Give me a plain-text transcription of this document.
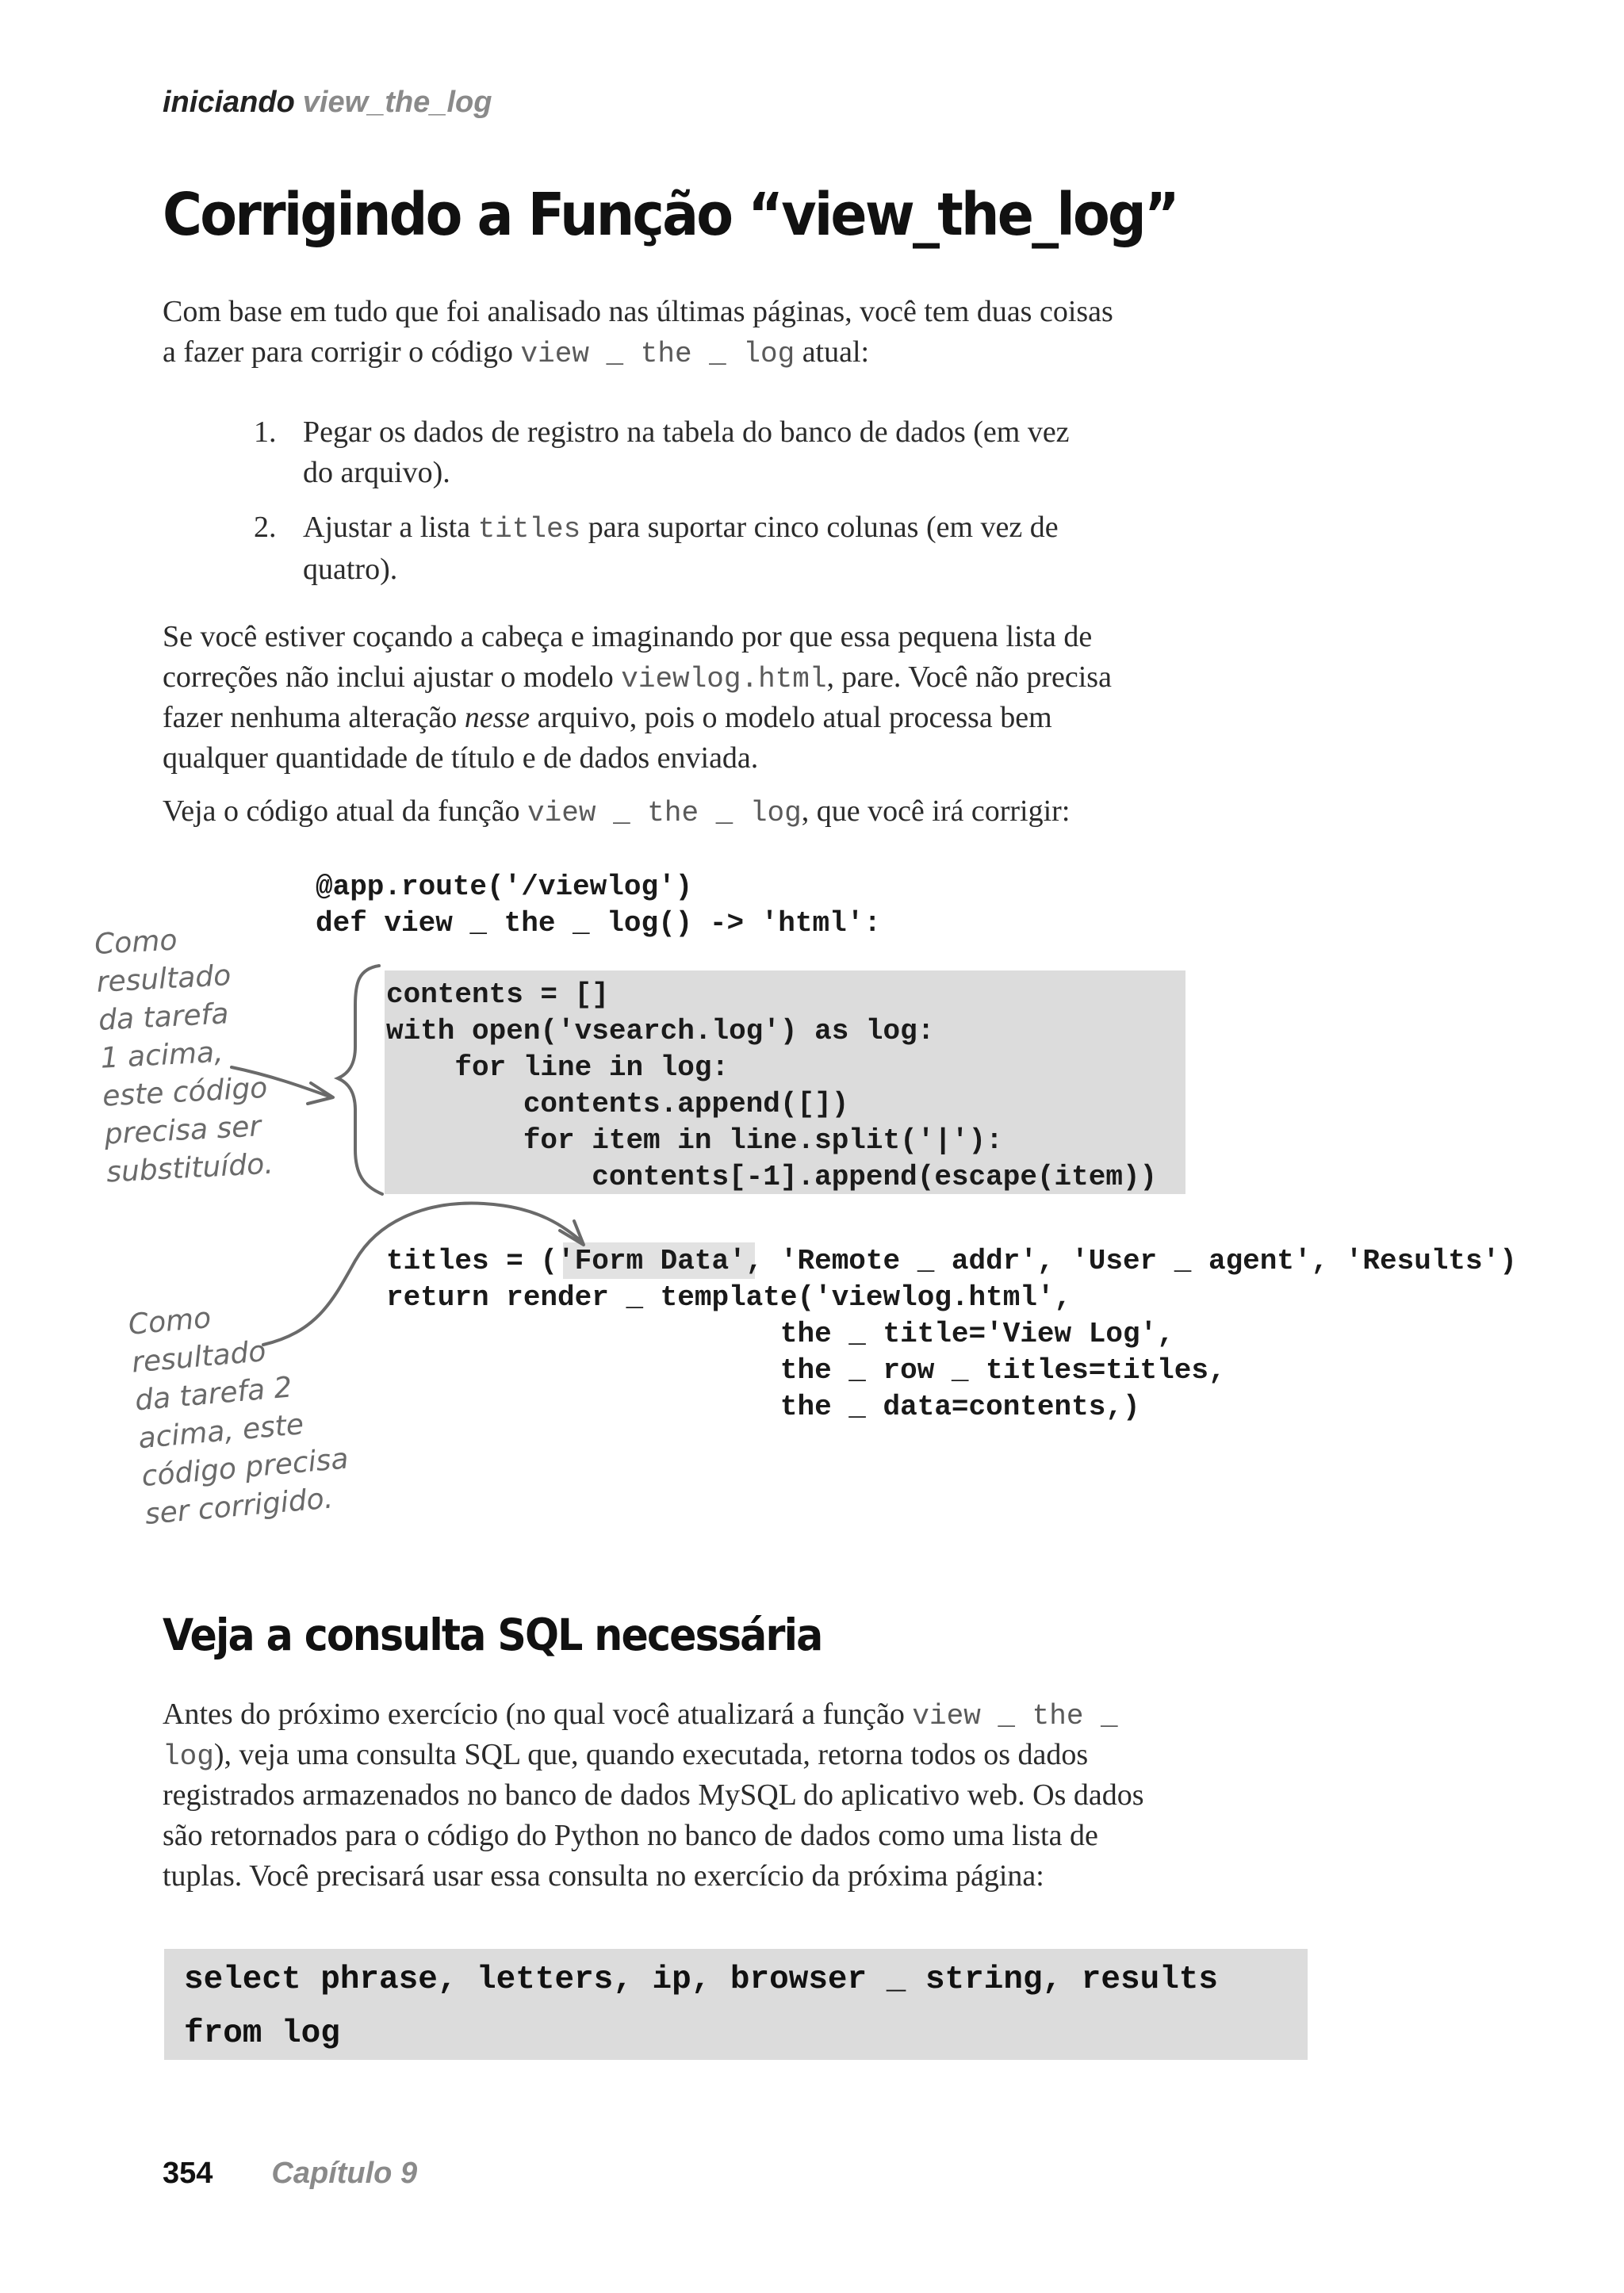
iniciando view_the_log
Corrigindo a Função “view_the_log”

Com base em tudo que foi analisado nas últimas páginas, você tem duas coisas

a fazer para corrigir o código view _ the _ log atual:

1. Pegar os dados de registro na tabela do banco de dados (em vez
do arquivo).
2. Ajustar a lista titles para suportar cinco colunas (em vez de
quatro).

Se você estiver coçando a cabeça e imaginando por que essa pequena lista de

correções não inclui ajustar o modelo viewlog.html, pare. Você não precisa

fazer nenhuma alteração nesse arquivo, pois o modelo atual processa bem

qualquer quantidade de título e de dados enviada.

Veja o código atual da função view _ the _ log, que você irá corrigir:

@app.route('/viewlog')
def view _ the _ log() -> 'html':
contents = []
with open('vsearch.log') as log:
for line in log:
contents.append([])
for item in line.split('|'):
contents[-1].append(escape(item))
titles = ('Form Data', 'Remote _ addr', 'User _ agent', 'Results')
return render _ template('viewlog.html',
the _ title='View Log',
the _ row _ titles=titles,
the _ data=contents,)
Como
resultado
da tarefa
1 acima,
este código
precisa ser
substituído.
Como
resultado
da tarefa 2
acima, este
código precisa
ser corrigido.
Veja a consulta SQL necessária

Antes do próximo exercício (no qual você atualizará a função view _ the _

log), veja uma consulta SQL que, quando executada, retorna todos os dados

registrados armazenados no banco de dados MySQL do aplicativo web. Os dados

são retornados para o código do Python no banco de dados como uma lista de

tuplas. Você precisará usar essa consulta no exercício da próxima página:

select phrase, letters, ip, browser _ string, results
from log
354 Capítulo 9
